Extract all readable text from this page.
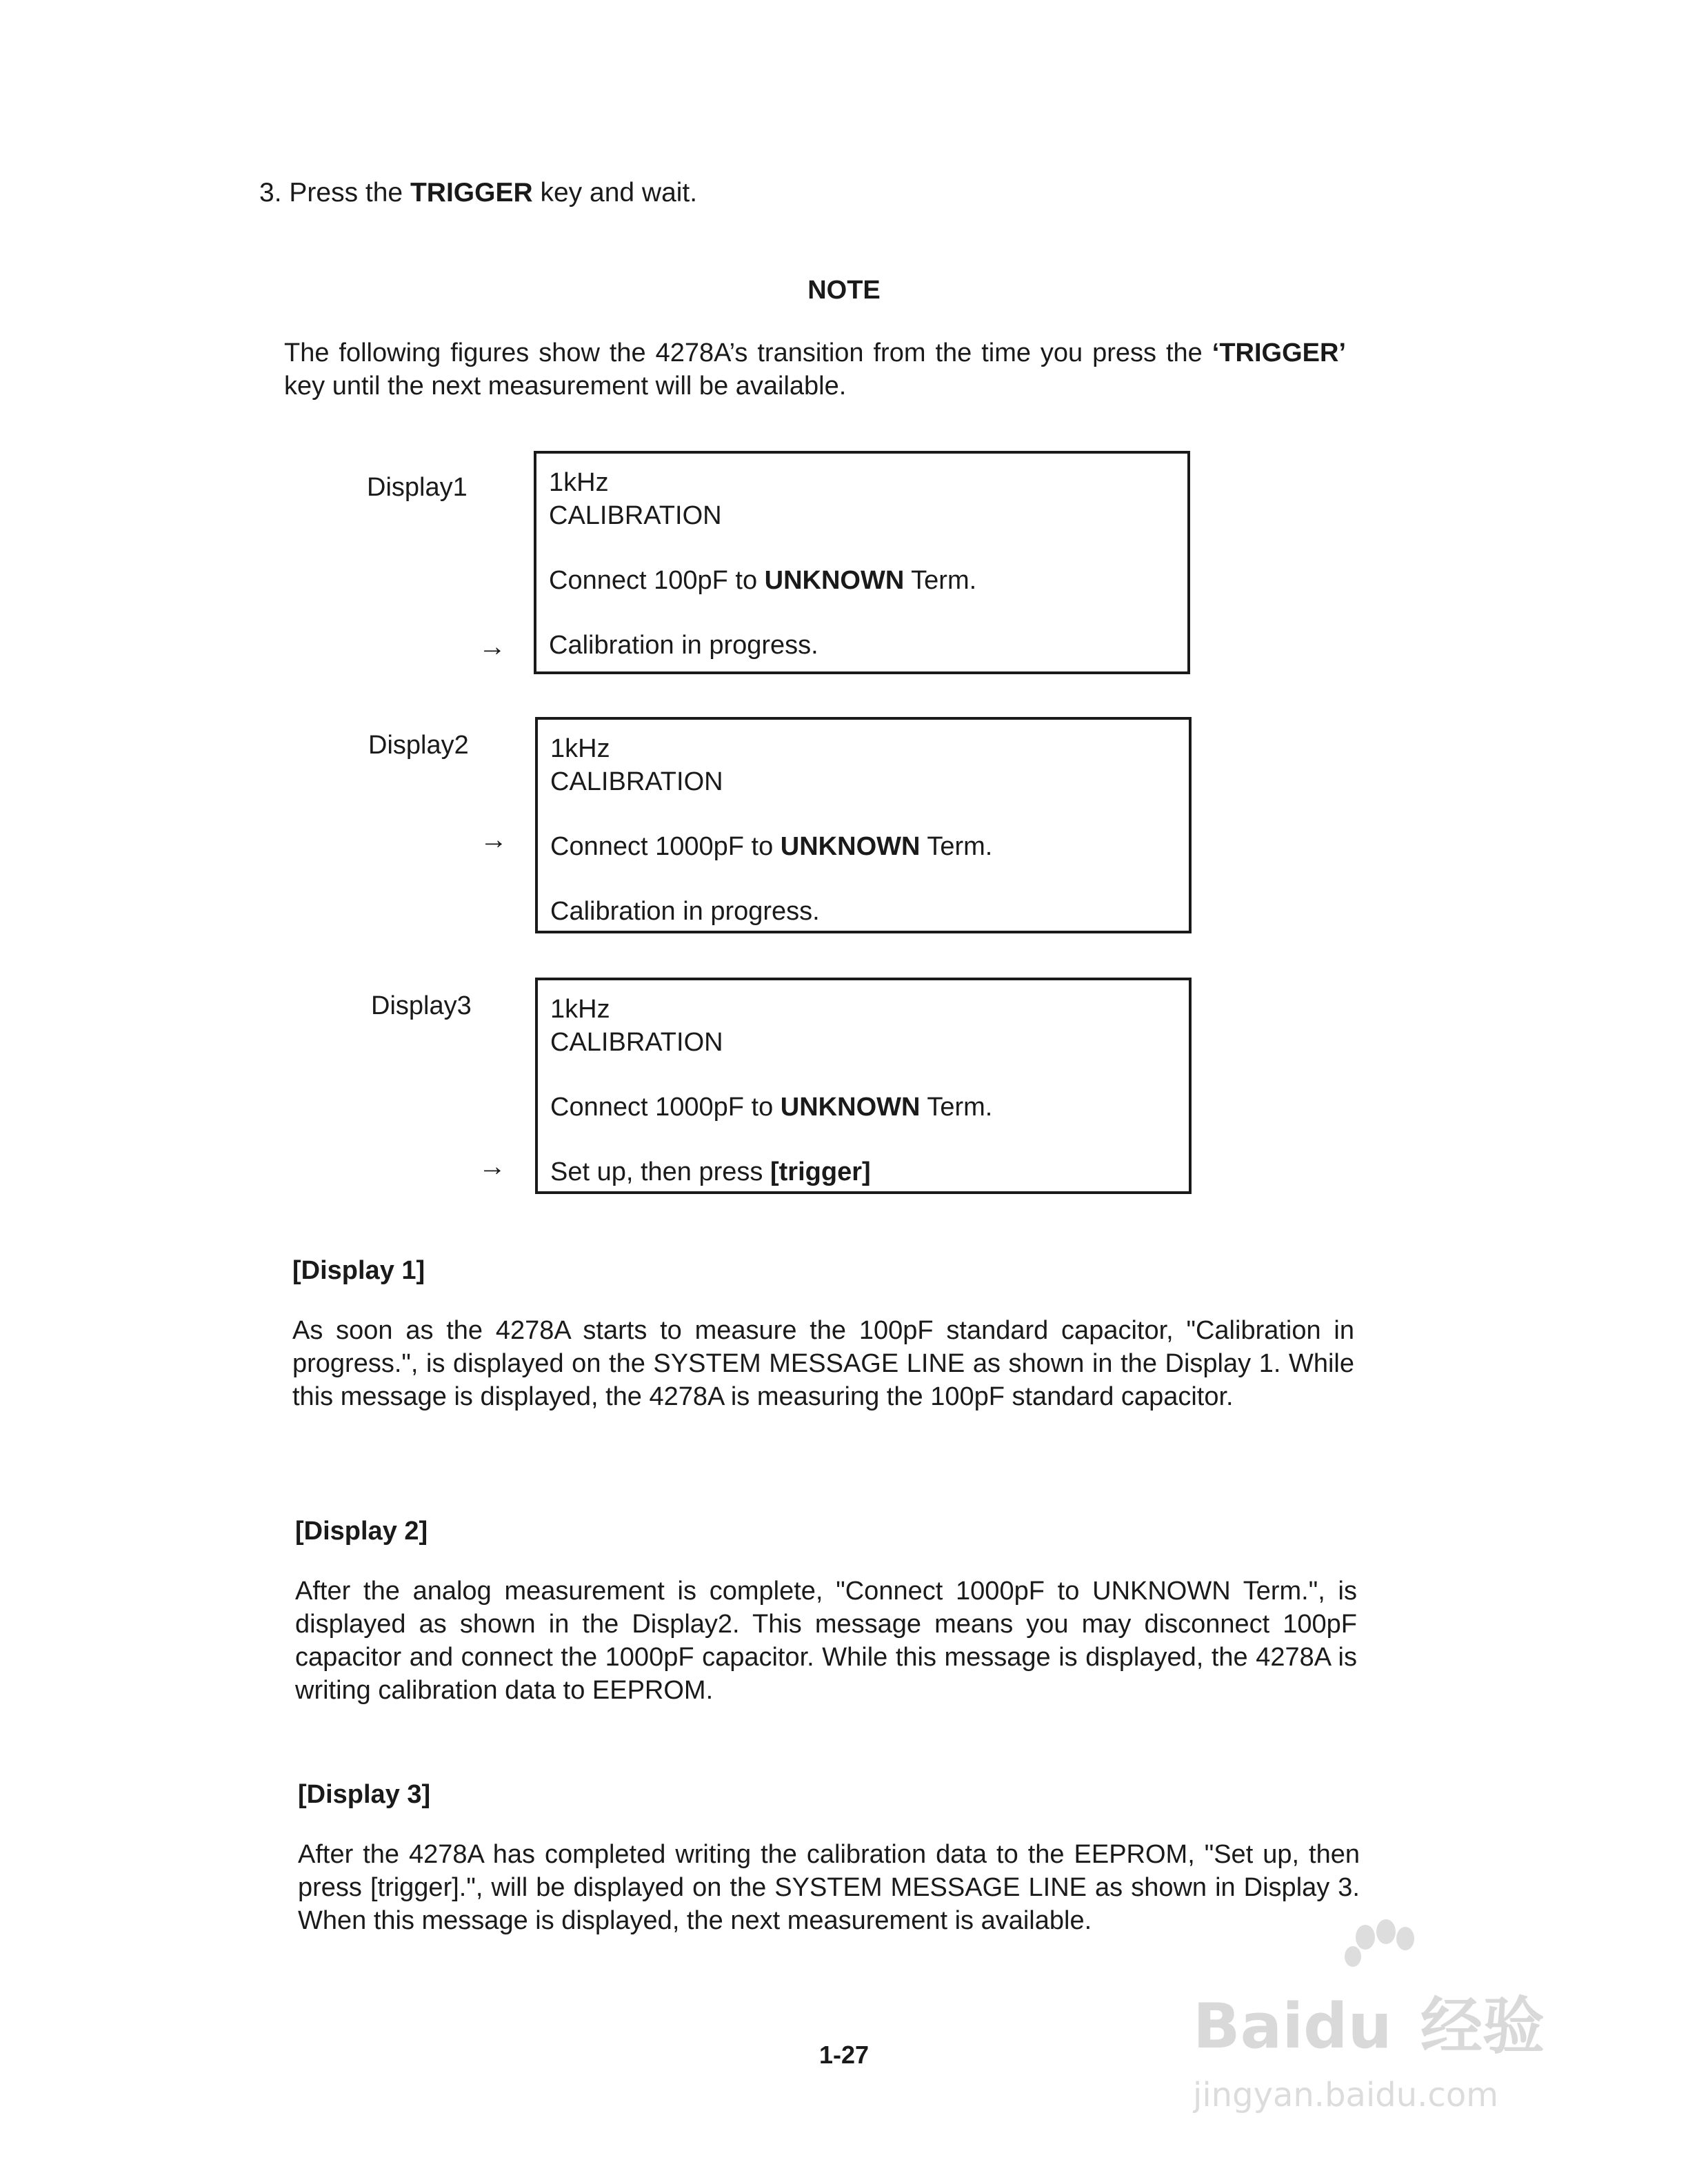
3. Press the TRIGGER key and wait.
NOTE
The following figures show the 4278A’s transition from the time you press the ‘TRIGGER’ key until the next measurement will be available.
Display1
→
1kHz
CALIBRATION
Connect 100pF to UNKNOWN Term.
Calibration in progress.
Display2
→
1kHz
CALIBRATION
Connect 1000pF to UNKNOWN Term.
Calibration in progress.
Display3
→
1kHz
CALIBRATION
Connect 1000pF to UNKNOWN Term.
Set up, then press [trigger]
[Display 1]
As soon as the 4278A starts to measure the 100pF standard capacitor, "Calibration in progress.", is displayed on the SYSTEM MESSAGE LINE as shown in the Display 1. While this message is displayed, the 4278A is measuring the 100pF standard capacitor.
[Display 2]
After the analog measurement is complete, "Connect 1000pF to UNKNOWN Term.", is displayed as shown in the Display2. This message means you may disconnect 100pF capacitor and connect the 1000pF capacitor. While this message is displayed, the 4278A is writing calibration data to EEPROM.
[Display 3]
After the 4278A has completed writing the calibration data to the EEPROM, "Set up, then press [trigger].", will be displayed on the SYSTEM MESSAGE LINE as shown in Display 3. When this message is displayed, the next measurement is available.
1-27	Baidu 经验
jingyan.baidu.com
